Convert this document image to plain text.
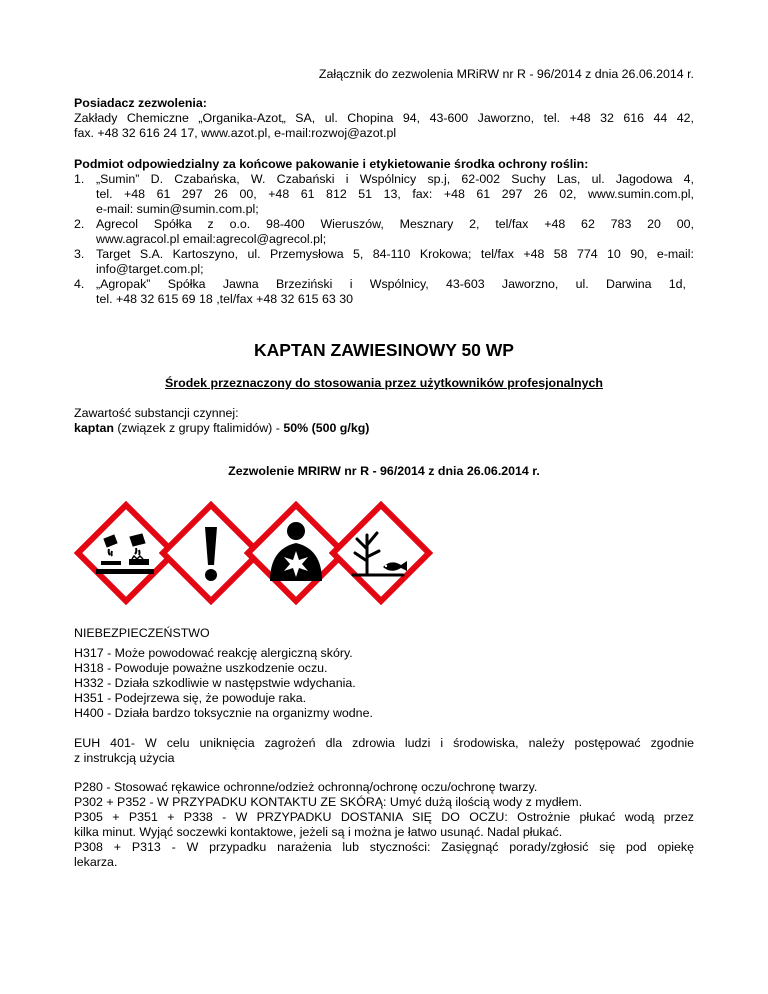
Załącznik do zezwolenia MRiRW nr R - 96/2014 z dnia 26.06.2014 r.
Posiadacz zezwolenia:
Zakłady Chemiczne „Organika-Azot„ SA, ul. Chopina 94, 43-600 Jaworzno, tel. +48 32 616 44 42,
fax. +48 32 616 24 17, www.azot.pl, e-mail:rozwoj@azot.pl
Podmiot odpowiedzialny za końcowe pakowanie i etykietowanie środka ochrony roślin:
1. „Sumin” D. Czabańska, W. Czabański i Wspólnicy sp.j, 62-002 Suchy Las, ul. Jagodowa 4,
tel. +48 61 297 26 00, +48 61 812 51 13, fax: +48 61 297 26 02, www.sumin.com.pl,
e-mail: sumin@sumin.com.pl;
2. Agrecol Spółka z o.o. 98-400 Wieruszów, Mesznary 2, tel/fax +48 62 783 20 00,
www.agracol.pl email:agrecol@agrecol.pl;
3. Target S.A. Kartoszyno, ul. Przemysłowa 5, 84-110 Krokowa; tel/fax +48 58 774 10 90, e-mail:
info@target.com.pl;
4. „Agropak” Spółka Jawna Brzeziński i Wspólnicy, 43-603 Jaworzno, ul. Darwina 1d,
tel. +48 32 615 69 18 ,tel/fax +48 32 615 63 30
KAPTAN ZAWIESINOWY 50 WP
Środek przeznaczony do stosowania przez użytkowników profesjonalnych
Zawartość substancji czynnej:
kaptan (związek z grupy ftalimidów) - 50% (500 g/kg)
Zezwolenie MRIRW nr R - 96/2014 z dnia 26.06.2014 r.
NIEBEZPIECZEŃSTWO
H317 - Może powodować reakcję alergiczną skóry.
H318 - Powoduje poważne uszkodzenie oczu.
H332 - Działa szkodliwie w następstwie wdychania.
H351 - Podejrzewa się, że powoduje raka.
H400 - Działa bardzo toksycznie na organizmy wodne.
EUH 401- W celu uniknięcia zagrożeń dla zdrowia ludzi i środowiska, należy postępować zgodnie
z instrukcją użycia
P280 - Stosować rękawice ochronne/odzież ochronną/ochronę oczu/ochronę twarzy.
P302 + P352 - W PRZYPADKU KONTAKTU ZE SKÓRĄ: Umyć dużą ilością wody z mydłem.
P305 + P351 + P338 - W PRZYPADKU DOSTANIA SIĘ DO OCZU: Ostrożnie płukać wodą przez
kilka minut. Wyjąć soczewki kontaktowe, jeżeli są i można je łatwo usunąć. Nadal płukać.
P308 + P313 - W przypadku narażenia lub styczności: Zasięgnąć porady/zgłosić się pod opiekę
lekarza.
